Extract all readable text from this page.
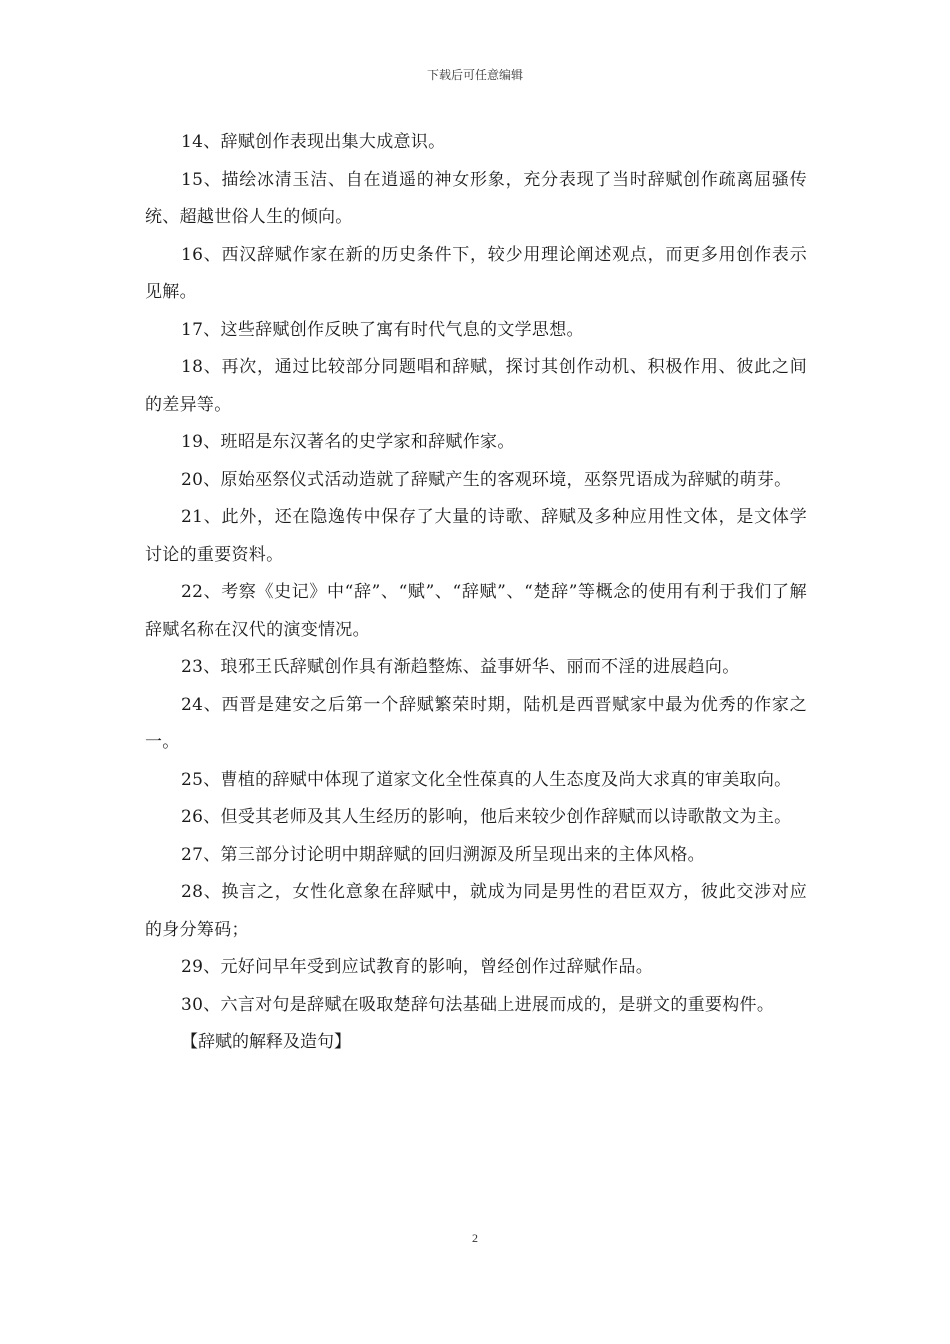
下载后可任意编辑

14、辞赋创作表现出集大成意识。

15、描绘冰清玉洁、自在逍遥的神女形象，充分表现了当时辞赋创作疏离屈骚传统、超越世俗人生的倾向。

16、西汉辞赋作家在新的历史条件下，较少用理论阐述观点，而更多用创作表示见解。

17、这些辞赋创作反映了寓有时代气息的文学思想。

18、再次，通过比较部分同题唱和辞赋，探讨其创作动机、积极作用、彼此之间的差异等。

19、班昭是东汉著名的史学家和辞赋作家。

20、原始巫祭仪式活动造就了辞赋产生的客观环境，巫祭咒语成为辞赋的萌芽。

21、此外，还在隐逸传中保存了大量的诗歌、辞赋及多种应用性文体，是文体学讨论的重要资料。

22、考察《史记》中“辞”、“赋”、“辞赋”、“楚辞”等概念的使用有利于我们了解辞赋名称在汉代的演变情况。

23、琅邪王氏辞赋创作具有渐趋整炼、益事妍华、丽而不淫的进展趋向。

24、西晋是建安之后第一个辞赋繁荣时期，陆机是西晋赋家中最为优秀的作家之一。

25、曹植的辞赋中体现了道家文化全性葆真的人生态度及尚大求真的审美取向。

26、但受其老师及其人生经历的影响，他后来较少创作辞赋而以诗歌散文为主。

27、第三部分讨论明中期辞赋的回归溯源及所呈现出来的主体风格。

28、换言之，女性化意象在辞赋中，就成为同是男性的君臣双方，彼此交涉对应的身分筹码；

29、元好问早年受到应试教育的影响，曾经创作过辞赋作品。

30、六言对句是辞赋在吸取楚辞句法基础上进展而成的，是骈文的重要构件。

【辞赋的解释及造句】

2
